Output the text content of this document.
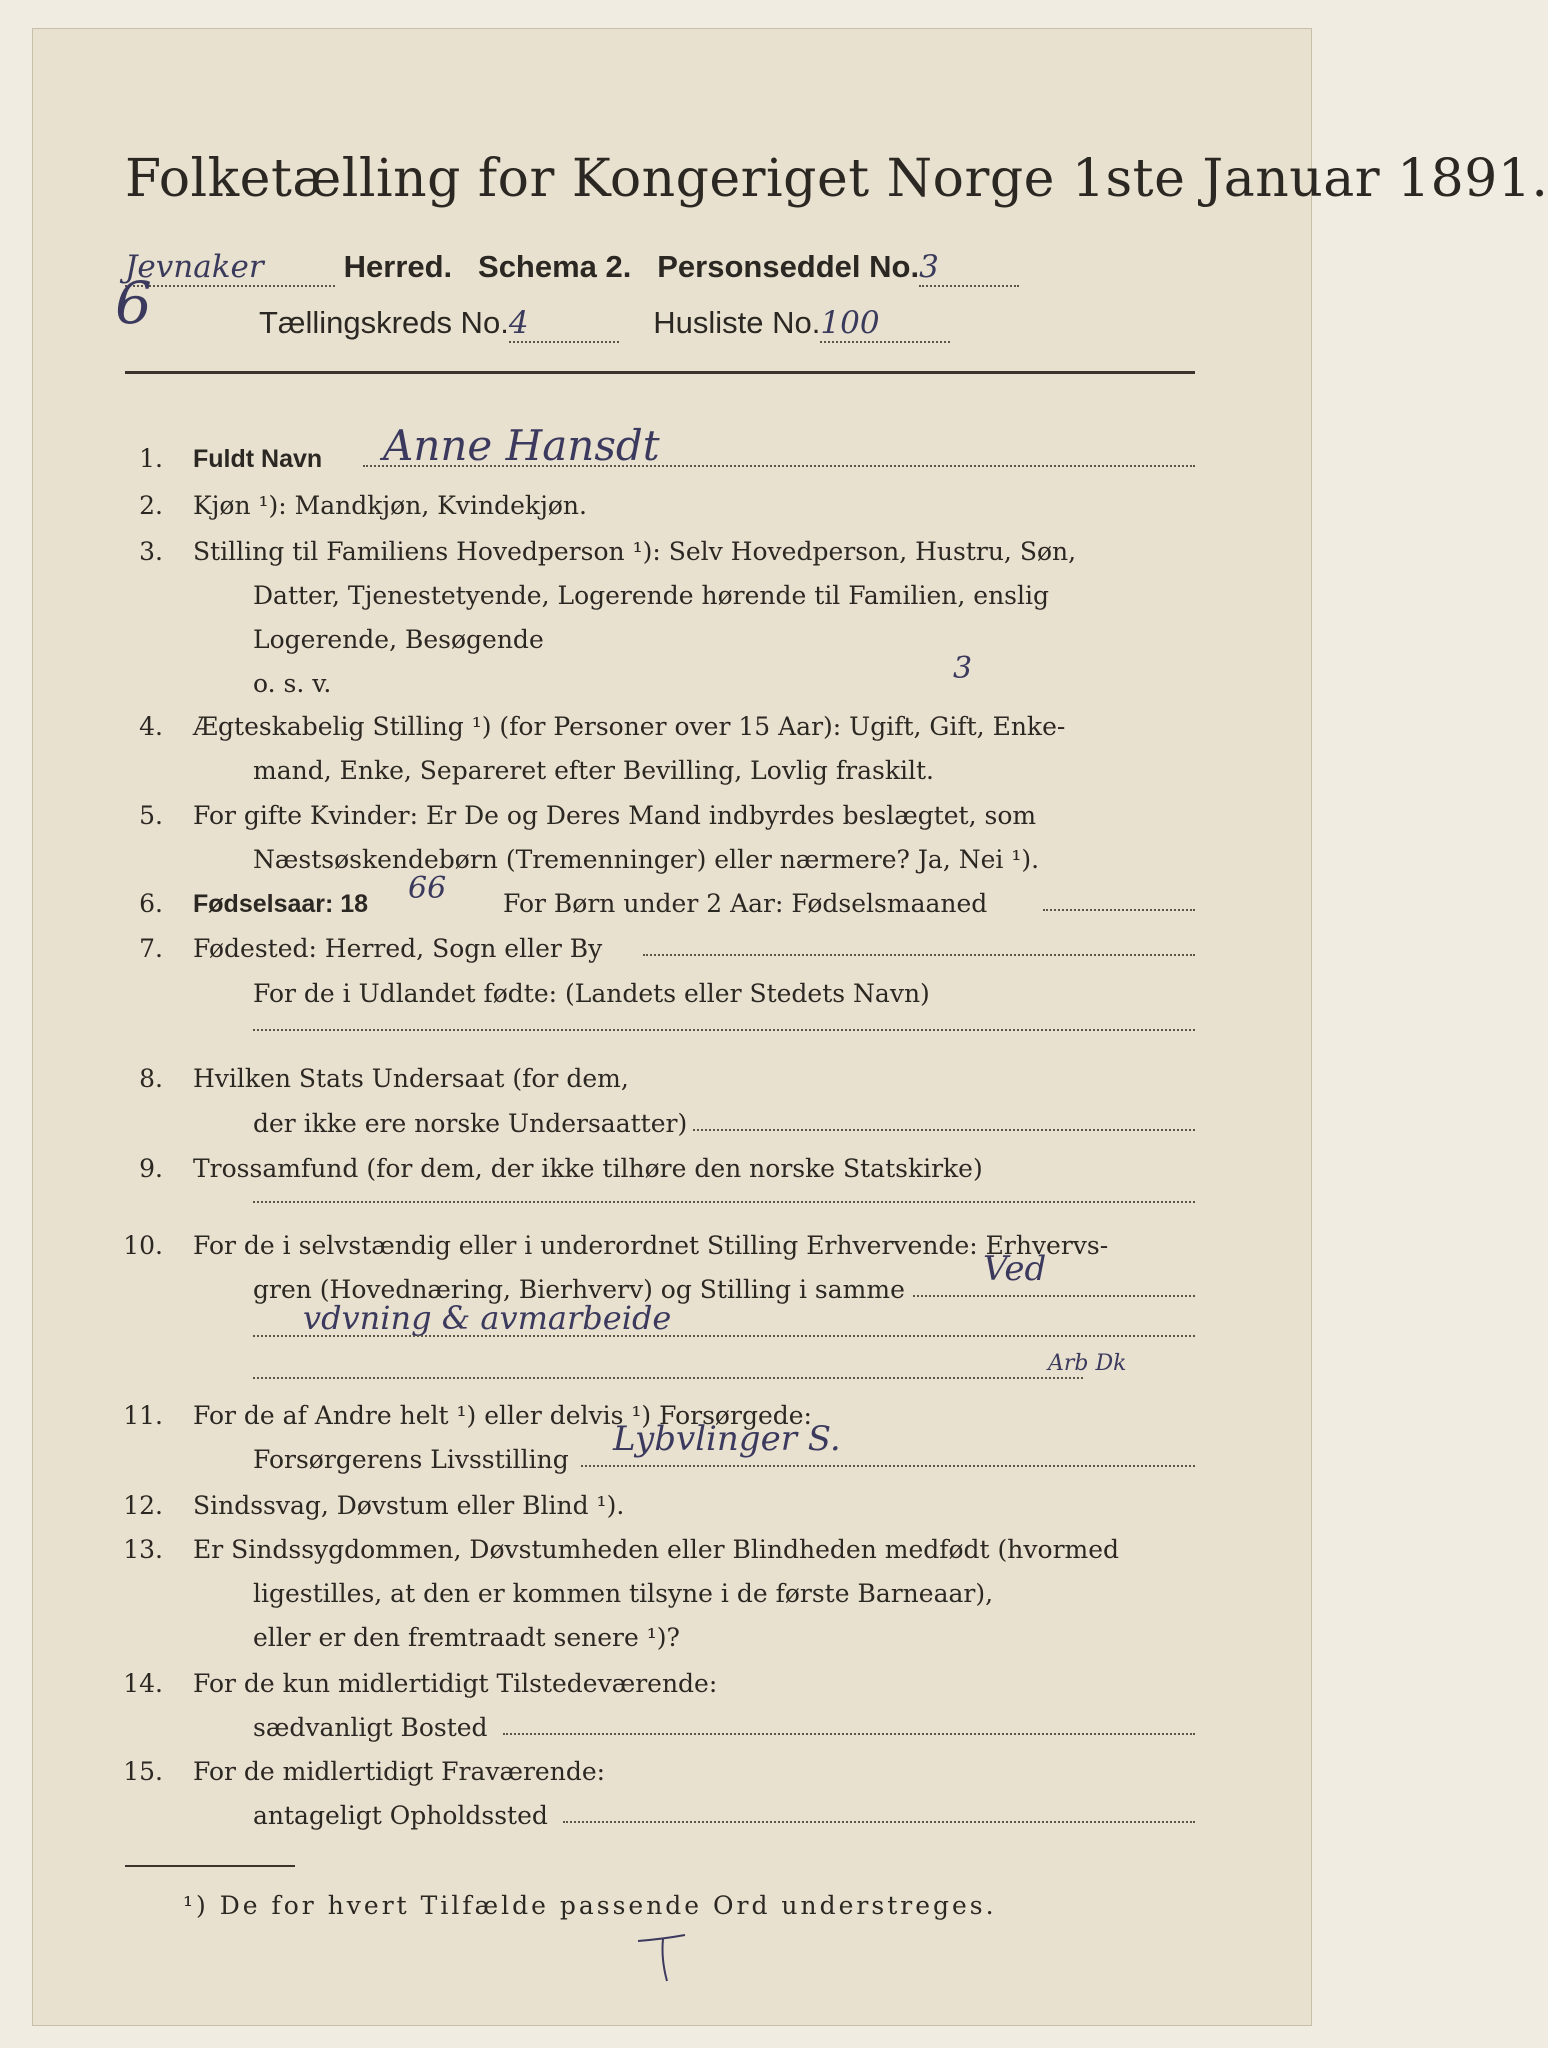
Folketælling for Kongeriget Norge 1ste Januar 1891.
Jevnaker	Herred. Schema 2. Personseddel No.3
6	Tællingskreds No.4	Husliste No.100
1. Fuldt Navn Anne Hansdt
2. Kjøn ¹): Mandkjøn, Kvindekjøn.
3. Stilling til Familiens Hovedperson ¹): Selv Hovedperson, Hustru, Søn,
Datter, Tjenestetyende, Logerende hørende til Familien, enslig
Logerende, Besøgende
o. s. v.	3
4. Ægteskabelig Stilling ¹) (for Personer over 15 Aar): Ugift, Gift, Enke-
mand, Enke, Separeret efter Bevilling, Lovlig fraskilt.
5. For gifte Kvinder: Er De og Deres Mand indbyrdes beslægtet, som
Næstsøskendebørn (Tremenninger) eller nærmere? Ja, Nei ¹).
6. Fødselsaar: 18 66 For Børn under 2 Aar: Fødselsmaaned
7. Fødested: Herred, Sogn eller By
For de i Udlandet fødte: (Landets eller Stedets Navn)
8. Hvilken Stats Undersaat (for dem,
der ikke ere norske Undersaatter)
9. Trossamfund (for dem, der ikke tilhøre den norske Statskirke)
10. For de i selvstændig eller i underordnet Stilling Erhvervende: Erhvervs-
gren (Hovednæring, Bierhverv) og Stilling i samme
Ved
vdvning & avmarbeide
Arb Dk
11. For de af Andre helt ¹) eller delvis ¹) Forsørgede:
Forsørgerens Livsstilling
Lybvlinger S.
12. Sindssvag, Døvstum eller Blind ¹).
13. Er Sindssygdommen, Døvstumheden eller Blindheden medfødt (hvormed
ligestilles, at den er kommen tilsyne i de første Barneaar),
eller er den fremtraadt senere ¹)?
14. For de kun midlertidigt Tilstedeværende:
sædvanligt Bosted
15. For de midlertidigt Fraværende:
antageligt Opholdssted
¹) De for hvert Tilfælde passende Ord understreges.
